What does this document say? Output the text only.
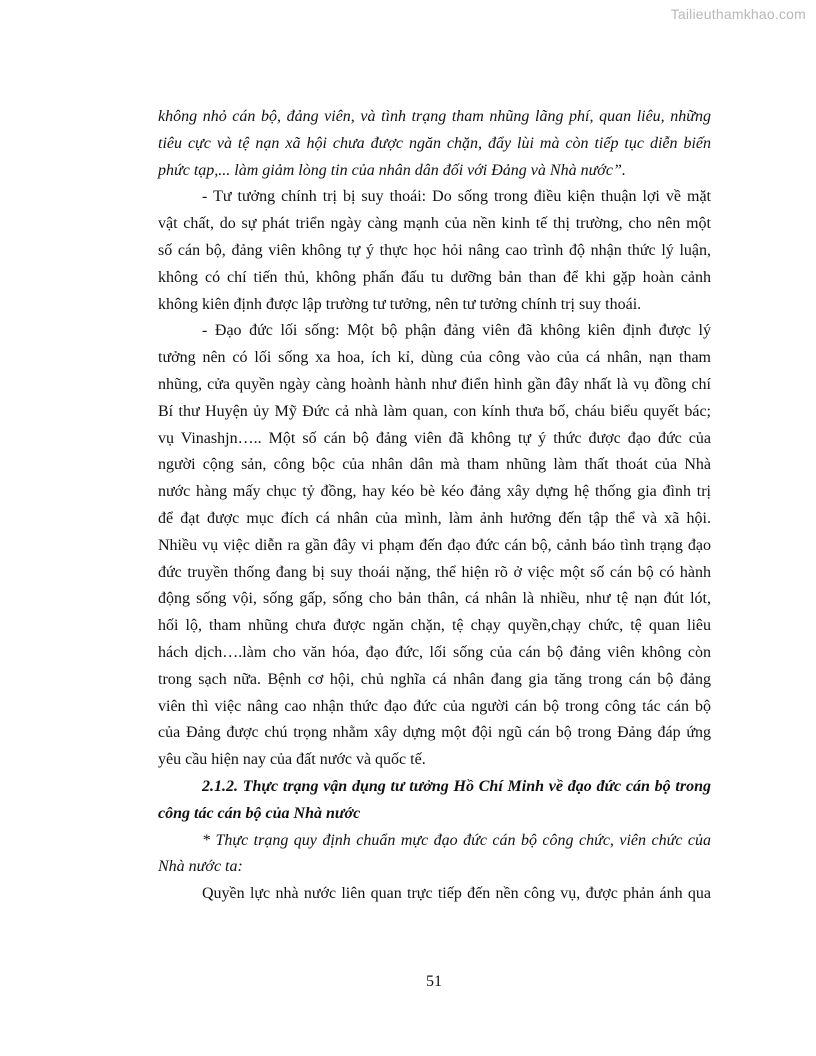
Tailieuthamkhao.com
không nhỏ cán bộ, đảng viên, và tình trạng tham nhũng lãng phí, quan liêu, những
tiêu cực và tệ nạn xã hội chưa được ngăn chặn, đẩy lùi mà còn tiếp tục diễn biến
phức tạp,... làm giảm lòng tin của nhân dân đối với Đảng và Nhà nước”.
- Tư tưởng chính trị bị suy thoái: Do sống trong điều kiện thuận lợi về mặt
vật chất, do sự phát triển ngày càng mạnh của nền kinh tế thị trường, cho nên một
số cán bộ, đảng viên không tự ý thực học hỏi nâng cao trình độ nhận thức lý luận,
không có chí tiến thủ, không phấn đấu tu dưỡng bản than để khi gặp hoàn cảnh
không kiên định được lập trường tư tưởng, nên tư tưởng chính trị suy thoái.
- Đạo đức lối sống: Một bộ phận đảng viên đã không kiên định được lý
tưởng nên có lối sống xa hoa, ích kỉ, dùng của công vào của cá nhân, nạn tham
nhũng, cửa quyền ngày càng hoành hành như điển hình gần đây nhất là vụ đồng chí
Bí thư Huyện ủy Mỹ Đức cả nhà làm quan, con kính thưa bố, cháu biểu quyết bác;
vụ Vinashjn….. Một số cán bộ đảng viên đã không tự ý thức được đạo đức của
người cộng sản, công bộc của nhân dân mà tham nhũng làm thất thoát của Nhà
nước hàng mấy chục tỷ đồng, hay kéo bè kéo đảng xây dựng hệ thống gia đình trị
để đạt được mục đích cá nhân của mình, làm ảnh hưởng đến tập thể và xã hội.
Nhiều vụ việc diễn ra gần đây vi phạm đến đạo đức cán bộ, cảnh báo tình trạng đạo
đức truyền thống đang bị suy thoái nặng, thể hiện rõ ở việc một số cán bộ có hành
động sống vội, sống gấp, sống cho bản thân, cá nhân là nhiều, như tệ nạn đút lót,
hối lộ, tham nhũng chưa được ngăn chặn, tệ chạy quyền,chạy chức, tệ quan liêu
hách dịch….làm cho văn hóa, đạo đức, lối sống của cán bộ đảng viên không còn
trong sạch nữa. Bệnh cơ hội, chủ nghĩa cá nhân đang gia tăng trong cán bộ đảng
viên thì việc nâng cao nhận thức đạo đức của người cán bộ trong công tác cán bộ
của Đảng được chú trọng nhằm xây dựng một đội ngũ cán bộ trong Đảng đáp ứng
yêu cầu hiện nay của đất nước và quốc tế.
2.1.2. Thực trạng vận dụng tư tưởng Hồ Chí Minh về đạo đức cán bộ trong
công tác cán bộ của Nhà nước
* Thực trạng quy định chuẩn mực đạo đức cán bộ công chức, viên chức của
Nhà nước ta:
Quyền lực nhà nước liên quan trực tiếp đến nền công vụ, được phản ánh qua
51
